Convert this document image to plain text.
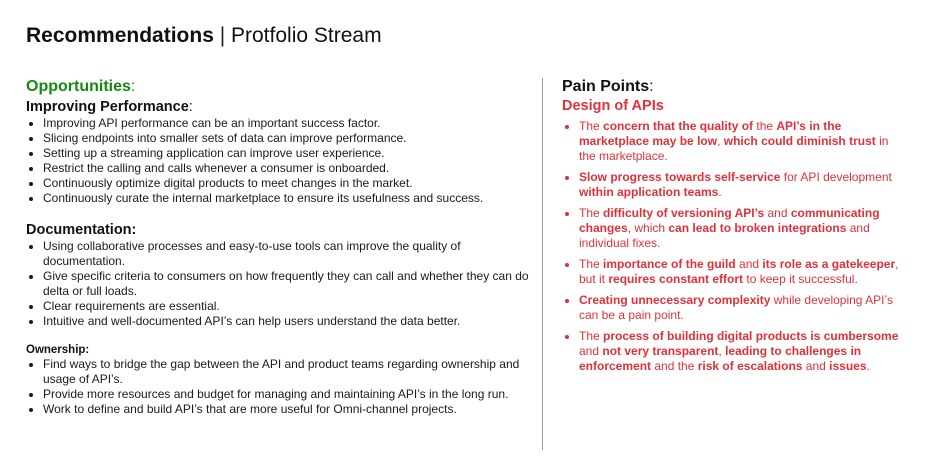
Recommendations | Protfolio Stream
Opportunities:
Improving Performance:
• Improving API performance can be an important success factor.
• Slicing endpoints into smaller sets of data can improve performance.
• Setting up a streaming application can improve user experience.
• Restrict the calling and calls whenever a consumer is onboarded.
• Continuously optimize digital products to meet changes in the market.
• Continuously curate the internal marketplace to ensure its usefulness and success.
Documentation:
• Using collaborative processes and easy-to-use tools can improve the quality of documentation.
• Give specific criteria to consumers on how frequently they can call and whether they can do delta or full loads.
• Clear requirements are essential.
• Intuitive and well-documented API’s can help users understand the data better.
Ownership:
• Find ways to bridge the gap between the API and product teams regarding ownership and usage of API’s.
• Provide more resources and budget for managing and maintaining API’s in the long run.
• Work to define and build API’s that are more useful for Omni-channel projects.
Pain Points:
Design of APIs
• The concern that the quality of the API’s in the marketplace may be low, which could diminish trust in the marketplace.
• Slow progress towards self-service for API development within application teams.
• The difficulty of versioning API’s and communicating changes, which can lead to broken integrations and individual fixes.
• The importance of the guild and its role as a gatekeeper, but it requires constant effort to keep it successful.
• Creating unnecessary complexity while developing API’s can be a pain point.
• The process of building digital products is cumbersome and not very transparent, leading to challenges in enforcement and the risk of escalations and issues.
